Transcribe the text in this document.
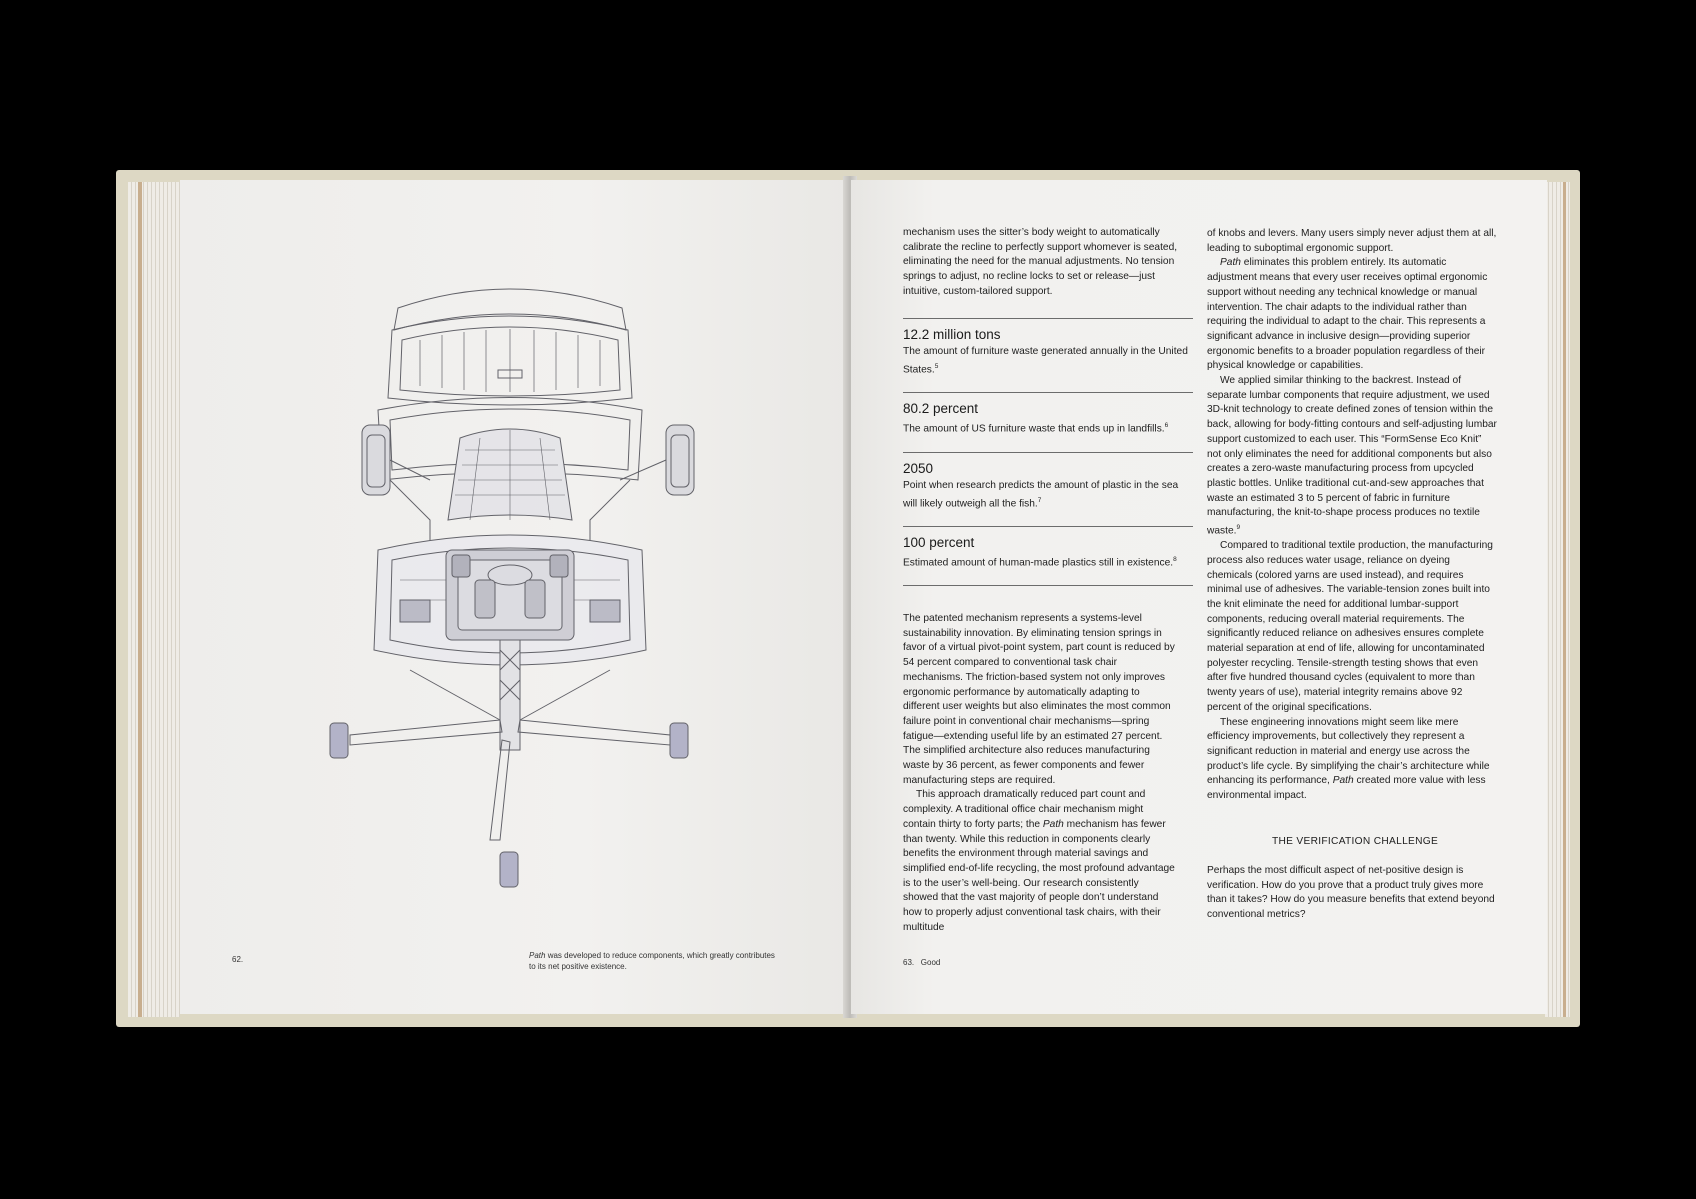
62.	Path was developed to reduce components, which greatly contributes to its net positive existence.

mechanism uses the sitter’s body weight to automatically calibrate the recline to perfectly support whomever is seated, eliminating the need for the manual adjustments. No tension springs to adjust, no recline locks to set or release—just intuitive, custom-tailored support.

12.2 million tons
The amount of furniture waste generated annually in the United States.$^5$
80.2 percent
The amount of US furniture waste that ends up in landfills.$^6$
2050
Point when research predicts the amount of plastic in the sea will likely outweigh all the fish.$^7$
100 percent
Estimated amount of human-made plastics still in existence.$^8$

The patented mechanism represents a systems-level sustainability innovation. By eliminating tension springs in favor of a virtual pivot-point system, part count is reduced by 54 percent compared to conventional task chair mechanisms. The friction-based system not only improves ergonomic performance by automatically adapting to different user weights but also eliminates the most common failure point in conventional chair mechanisms—spring fatigue—extending useful life by an estimated 27 percent. The simplified architecture also reduces manufacturing waste by 36 percent, as fewer components and fewer manufacturing steps are required.

This approach dramatically reduced part count and complexity. A traditional office chair mechanism might contain thirty to forty parts; the Path mechanism has fewer than twenty. While this reduction in components clearly benefits the environment through material savings and simplified end-of-life recycling, the most profound advantage is to the user’s well-being. Our research consistently showed that the vast majority of people don’t understand how to properly adjust conventional task chairs, with their multitude

of knobs and levers. Many users simply never adjust them at all, leading to suboptimal ergonomic support.

Path eliminates this problem entirely. Its automatic adjustment means that every user receives optimal ergonomic support without needing any technical knowledge or manual intervention. The chair adapts to the individual rather than requiring the individual to adapt to the chair. This represents a significant advance in inclusive design—providing superior ergonomic benefits to a broader population regardless of their physical knowledge or capabilities.

We applied similar thinking to the backrest. Instead of separate lumbar components that require adjustment, we used 3D-knit technology to create defined zones of tension within the back, allowing for body-fitting contours and self-adjusting lumbar support customized to each user. This “FormSense Eco Knit” not only eliminates the need for additional components but also creates a zero-waste manufacturing process from upcycled plastic bottles. Unlike traditional cut-and-sew approaches that waste an estimated 3 to 5 percent of fabric in furniture manufacturing, the knit-to-shape process produces no textile waste.$^9$

Compared to traditional textile production, the manufacturing process also reduces water usage, reliance on dyeing chemicals (colored yarns are used instead), and requires minimal use of adhesives. The variable-tension zones built into the knit eliminate the need for additional lumbar-support components, reducing overall material requirements. The significantly reduced reliance on adhesives ensures complete material separation at end of life, allowing for uncontaminated polyester recycling. Tensile-strength testing shows that even after five hundred thousand cycles (equivalent to more than twenty years of use), material integrity remains above 92 percent of the original specifications.

These engineering innovations might seem like mere efficiency improvements, but collectively they represent a significant reduction in material and energy use across the product’s life cycle. By simplifying the chair’s architecture while enhancing its performance, Path created more value with less environmental impact.

THE VERIFICATION CHALLENGE

Perhaps the most difficult aspect of net-positive design is verification. How do you prove that a product truly gives more than it takes? How do you measure benefits that extend beyond conventional metrics?

63. Good
